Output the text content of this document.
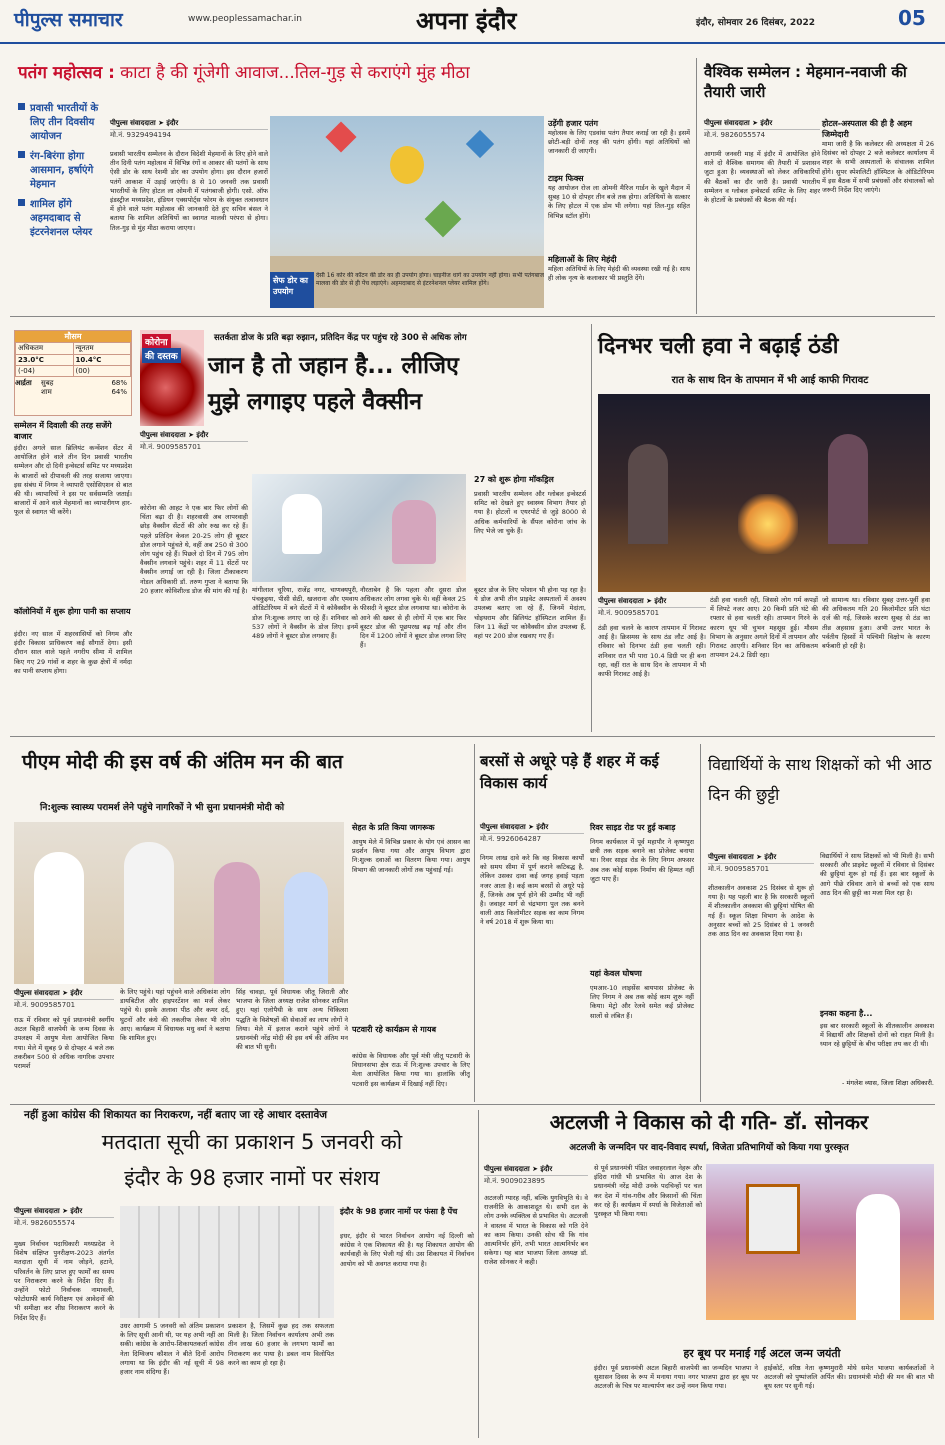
पीपुल्स समाचार	www.peoplessamachar.in	अपना इंदौर	इंदौर, सोमवार 26 दिसंबर, 2022	05
पतंग महोत्सव : काटा है की गूंजेगी आवाज...तिल-गुड़ से कराएंगे मुंह मीठा
प्रवासी भारतीयों के लिए तीन दिवसीय आयोजन
रंग-बिरंगा होगा आसमान, हर्षाएंगे मेहमान
शामिल होंगे अहमदाबाद से इंटरनेशनल प्लेयर
पीपुल्स संवाददाता ➤ इंदौर
मो.नं. 9329494194
प्रवासी भारतीय सम्मेलन के दौरान विदेशी मेहमानों के लिए होने वाले तीन दिनी पतंग महोत्सव में विभिन्न रंगों व आकार की पतंगों के साथ ऐसी डोर के साथ रेशमी डोर का उपयोग होगा। इस दौरान हजारों पतंगें आकाश में उड़ाई जाएंगी। 8 से 10 जनवरी तक प्रवासी भारतीयों के लिए होटल ला ओमनी में पतंगबाजी होगी। एसो. ऑफ इंडस्ट्रीज मध्यप्रदेश, इंडियन एक्सपोर्ट्स फोरम के संयुक्त तत्वावधान में होने वाले पतंग महोत्सव की जानकारी देते हुए सचिन बंसल ने बताया कि शामिल अतिथियों का स्वागत मालवी परंपरा से होगा। तिल-गुड़ से मुंह मीठा कराया जाएगा।
सेफ डोर का उपयोग
देसी 16 कोर की कॉटन की डोर का ही उपयोग होगा। चाइनीज धागे का उपयोग नहीं होगा। सभी पतंगबाज मालवा की डोर से ही पेंच लड़ाएंगे। अहमदाबाद से इंटरनेशनल प्लेयर शामिल होंगे।
उड़ेंगी हजार पतंग
महोत्सव के लिए एडवांस पतंग तैयार कराई जा रही है। इसमें छोटी-बड़ी दोनों तरह की पतंग होंगी। यहां अतिथियों को जानकारी दी जाएगी।
टाइम फिक्स
यह आयोजन रोज ला ओमनी मैरिज गार्डन के खुले मैदान में सुबह 10 से दोपहर तीन बजे तक होगा। अतिथियों के सत्कार के लिए होटल में एक डोम भी लगेगा। यहां तिल-गुड़ सहित विभिन्न स्टॉल होंगे।
महिलाओं के लिए मेहंदी
महिला अतिथियों के लिए मेहंदी की व्यवस्था रखी गई है। साथ ही लोक नृत्य के कलाकार भी प्रस्तुति देंगे।
वैश्विक सम्मेलन : मेहमान-नवाजी की तैयारी जारी
पीपुल्स संवाददाता ➤ इंदौर
मो.नं. 9826055574
आगामी जनवरी माह में इंदौर में आयोजित होने वाले दो वैश्विक समागम की तैयारी में प्रशासन जुटा हुआ है। व्यवस्थाओं को लेकर अधिकारियों की बैठकों का दौर जारी है। प्रवासी भारतीय सम्मेलन व ग्लोबल इन्वेस्टर्स समिट के लिए शहर के होटलों के प्रबंधकों की बैठक की गई।
होटल-अस्पताल की ही है अहम जिम्मेदारी
मामा जारी है कि कलेक्टर की अध्यक्षता में 26 दिसंबर को दोपहर 2 बजे कलेक्टर कार्यालय में शहर के सभी अस्पतालों के संचालक शामिल होंगे। सुपर स्पेशलिटी हॉस्पिटल के ऑडिटोरियम में इस बैठक में सभी प्रबंधकों और संचालकों को जरूरी निर्देश दिए जाएंगे।
मौसम
अधिकतम	न्यूनतम
23.0°C	10.4°C
(-04)	(00)
आर्द्रता	सुबह	68%
शाम	64%
सम्मेलन में दिवाली की तरह सजेंगे बाजार
इंदौर। अगले साल ब्रिलियंट कन्वेंशन सेंटर में आयोजित होने वाले तीन दिन प्रवासी भारतीय सम्मेलन और दो दिनी इन्वेस्टर्स समिट पर मध्यप्रदेश के बाजारों को दीपावली की तरह सजाया जाएगा। इस संबंध में निगम ने व्यापारी एसोसिएशन से बात की थी। व्यापारियों ने इस पर सर्वसम्मति जताई। बाजारों में आने वाले मेहमानों का व्यापारीगण हार-फूल से स्वागत भी करेंगे।
कॉलोनियों में शुरू होगा पानी का सप्लाय
इंदौर। नए साल में शहरवासियों को निगम और इंदौर विकास प्राधिकरण कई सौगातें देगा। इसी दौरान साल वाले पहले नगरीय सीमा में शामिल किए गए 29 गांवों व शहर के कुछ क्षेत्रों में नर्मदा का पानी सप्लाय होगा।
कोरोना
की दस्तक
सतर्कता डोज के प्रति बढ़ा रुझान, प्रतिदिन केंद्र पर पहुंच रहे 300 से अधिक लोग
जान है तो जहान है... लीजिए
मुझे लगाइए पहले वैक्सीन
पीपुल्स संवाददाता ➤ इंदौर
मो.नं. 9009585701
कोरोना की आहट ने एक बार फिर लोगों की चिंता बढ़ा दी है। शहरवासी अब लापरवाही छोड़ वैक्सीन सेंटरों की ओर रुख कर रहे हैं। पहले प्रतिदिन केवल 20-25 लोग ही बूस्टर डोज लगाने पहुंचते थे, वहीं अब 250 से 300 लोग पहुंच रहे हैं। पिछले दो दिन में 795 लोग वैक्सीन लगवाने पहुंचे। शहर में 11 सेंटरों पर वैक्सीन लगाई जा रही है। जिला टीकाकरण नोडल अधिकारी डॉ. तरुण गुप्ता ने बताया कि 20 हजार कोविशील्ड डोज की मांग की गई है। मांगीलाल चूरिया, राजेंद्र नगर, चाणक्यपुरी, पंचकुइया, पीसी सेठी, खजराना और एमवाय ऑडिटोरियम में बने सेंटरों में ये कोवैक्सीन के डोज नि:शुल्क लगाए जा रहे हैं। शनिवार को 537 लोगों ने वैक्सीन के डोज लिए। इनमें 489 लोगों ने बूस्टर डोज लगवाए हैं।
नौरताबेन है कि पहला और दूसरा डोज अधिकतर लोग लगवा चुके थे। वहीं केवल 25 फीसदी ने बूस्टर डोज लगवाया था। कोरोना के आने की खबर से ही लोगों में एक बार फिर बूस्टर डोज की पूछपरख बढ़ गई और तीन दिन में 1200 लोगों ने बूस्टर डोज लगवा लिए हैं।
27 को शुरू होगा मॉकड्रिल
प्रवासी भारतीय सम्मेलन और ग्लोबल इन्वेस्टर्स समिट को देखते हुए स्वास्थ्य विभाग तैयार हो गया है। होटलों व एयरपोर्ट से जुड़े 8000 से अधिक कर्मचारियों के सैंपल कोरोना जांच के लिए भेजे जा चुके हैं।
बूस्टर डोज के लिए परेशान भी होना पड़ रहा है। ये डोज अभी तीन प्राइवेट अस्पतालों में अवश्य उपलब्ध बताए जा रहे हैं, जिनमें मेदांता, चोइथराम और ब्रिलियंट हॉस्पिटल शामिल हैं। जिन 11 केंद्रों पर कोवैक्सीन डोज उपलब्ध हैं, वहां पर 200 डोज रखवाए गए हैं।
दिनभर चली हवा ने बढ़ाई ठंडी
रात के साथ दिन के तापमान में भी आई काफी गिरावट
पीपुल्स संवाददाता ➤ इंदौर
मो.नं. 9009585701
ठंडी हवा चलने के कारण तापमान में गिरावट आई है। क्रिसमस के साथ ठंड लौट आई है। रविवार को दिनभर ठंडी हवा चलती रही। शनिवार रात भी पारा 10.4 डिग्री पर ही बना रहा, वहीं रात के साथ दिन के तापमान में भी काफी गिरावट आई है।
ठंडी हवा चलती रही, जिससे लोग गर्म कपड़ों में लिपटे नजर आए। 20 किमी प्रति घंटे की रफ्तार से हवा चलती रही। तापमान गिरने के कारण धूप भी चुभन महसूस हुई। मौसम विभाग के अनुसार अगले दिनों में तापमान और गिरावट आएगी। शनिवार दिन का अधिकतम तापमान 24.2 डिग्री रहा।
जो सामान्य था। रविवार सुबह उत्तर-पूर्वी हवा की अधिकतम गति 20 किलोमीटर प्रति घंटा दर्ज की गई, जिसके कारण सुबह से ठंड का तीव्र अहसास हुआ। अभी उत्तर भारत के पर्वतीय हिस्सों में पश्चिमी विक्षोभ के कारण बर्फबारी हो रही है।
पीएम मोदी की इस वर्ष की अंतिम मन की बात
नि:शुल्क स्वास्थ्य परामर्श लेने पहुंचे नागरिकों ने भी सुना प्रधानमंत्री मोदी को
पीपुल्स संवाददाता ➤ इंदौर
मो.नं. 9009585701
राऊ में रविवार को पूर्व प्रधानमंत्री स्वर्गीय अटल बिहारी वाजपेयी के जन्म दिवस के उपलक्ष्य में आयुष मेला आयोजित किया गया। मेले में सुबह 9 से दोपहर 4 बजे तक तकरीबन 500 से अधिक नागरिक उपचार परामर्श
के लिए पहुंचे। यहां पहुंचने वाले अधिकांश लोग डायबिटीज और हाइपरटेंशन का मर्ज लेकर पहुंचे थे। इसके अलावा पीठ और कमर दर्द, घुटनों और कंधे की तकलीफ लेकर भी लोग आए। कार्यक्रम में विधायक मधु वर्मा ने बताया कि शामिल हुए।
सिंह चावड़ा, पूर्व विधायक जीतू जिराती और भाजपा के जिला अध्यक्ष राजेश सोनकर शामिल हुए। यहां एलोपैथी के साथ अन्य चिकित्सा पद्धति के विशेषज्ञों की सेवाओं का लाभ लोगों ने लिया। मेले में इलाज कराने पहुंचे लोगों ने प्रधानमंत्री नरेंद्र मोदी की इस वर्ष की अंतिम मन की बात भी सुनी।
सेहत के प्रति किया जागरूक
आयुष मेले में विभिन्न प्रकार के योग एवं आसन का प्रदर्शन किया गया और आयुष विभाग द्वारा नि:शुल्क दवाओं का वितरण किया गया। आयुष विभाग की जानकारी लोगों तक पहुंचाई गई।
पटवारी रहे कार्यक्रम से गायब
कांग्रेस के विधायक और पूर्व मंत्री जीतू पटवारी के विधानसभा क्षेत्र राऊ में नि:शुल्क उपचार के लिए मेला आयोजित किया गया था। हालांकि जीतू पटवारी इस कार्यक्रम में दिखाई नहीं दिए।
बरसों से अधूरे पड़े हैं शहर में कई विकास कार्य
पीपुल्स संवाददाता ➤ इंदौर
मो.नं. 9926064287
निगम लाख दावे करे कि वह विकास कार्यों को समय सीमा में पूर्ण कराने कटिबद्ध है, लेकिन उसका दावा कई जगह हवाई पड़ता नजर आता है। कई काम बरसों से अधूरे पड़े हैं, जिनके अब पूर्ण होने की उम्मीद भी नहीं है। जवाहर मार्ग से चंद्रभागा पुल तक बनने वाली आठ किलोमीटर सड़क का काम निगम ने वर्ष 2018 में शुरू किया था।
रिवर साइड रोड पर हुई कबाड़
निगम कार्यकाल में पूर्व महापौर ने कृष्णपुरा छत्री तक सड़क बनाने का प्रोजेक्ट बनाया था। रिवर साइड रोड के लिए निगम अफसर अब तक कोई सड़क निर्माण की हिम्मत नहीं जुटा पाए हैं।
यहां केवल घोषणा
एमआर-10 लाइसेंस बायपास प्रोजेक्ट के लिए निगम ने अब तक कोई काम शुरू नहीं किया। मेट्रो और रेलवे समेत कई प्रोजेक्ट सालों से लंबित हैं।
विद्यार्थियों के साथ शिक्षकों को भी आठ दिन की छुट्टी
पीपुल्स संवाददाता ➤ इंदौर
मो.नं. 9009585701
शीतकालीन अवकाश 25 दिसंबर से शुरू हो गया है। यह पहली बार है कि सरकारी स्कूलों में शीतकालीन अवकाश की छुट्टियां घोषित की गई हैं। स्कूल शिक्षा विभाग के आदेश के अनुसार बच्चों को 25 दिसंबर से 1 जनवरी तक आठ दिन का अवकाश दिया गया है।
विद्यार्थियों ने साथ शिक्षकों को भी मिली है। सभी सरकारी और प्राइवेट स्कूलों में रविवार से दिसंबर की छुट्टियां शुरू हो गई हैं। इस बार स्कूलों के आगे पीछे रविवार आने से बच्चों को एक साथ आठ दिन की छुट्टी का मजा मिल रहा है।
इनका कहना है...
इस बार सरकारी स्कूलों के शीतकालीन अवकाश में विद्यार्थी और शिक्षकों दोनों को राहत मिली है। ध्यान रहे छुट्टियों के बीच परीक्षा तय कर दी थी।
- मंगलेश व्यास, जिला शिक्षा अधिकारी.
नहीं हुआ कांग्रेस की शिकायत का निराकरण, नहीं बताए जा रहे आधार दस्तावेज
मतदाता सूची का प्रकाशन 5 जनवरी को
इंदौर के 98 हजार नामों पर संशय
पीपुल्स संवाददाता ➤ इंदौर
मो.नं. 9826055574
मुख्य निर्वाचन पदाधिकारी मध्यप्रदेश ने विशेष संक्षिप्त पुनरीक्षण-2023 अंतर्गत मतदाता सूची में नाम जोड़ने, हटाने, परिवर्तन के लिए प्राप्त हुए फार्मों का समय पर निराकरण करने के निर्देश दिए हैं। उन्होंने फोटो निर्वाचक नामावली, फोटोग्राफी कार्य निरीक्षण एवं आवेदनों की भी समीक्षा कर शीघ्र निराकरण करने के निर्देश दिए हैं।
उधर आगामी 5 जनवरी को अंतिम प्रकाशन के लिए सूची आनी थी, पर यह अभी नहीं आ सकी। कांग्रेस के आरोप-शिकायतकर्ता कांग्रेस नेता दिग्विजय कौशल ने बीते दिनों आरोप लगाया था कि इंदौर की नई सूची में 98 हजार नाम संदिग्ध हैं।
प्रकाशन है, जिसमें कुछ हद तक सफलता मिली है। जिला निर्वाचन कार्यालय अभी तक तीन लाख 60 हजार के लगभग फार्मों का निराकरण कर पाया है। डबल नाम विलोपित करने का काम हो रहा है।
इंदौर के 98 हजार नामों पर फंसा है पेंच
इधर, इंदौर से भारत निर्वाचन आयोग नई दिल्ली को कांग्रेस ने एक शिकायत की है। यह शिकायत आयोग की कार्यवाही के लिए भेजी गई थी। उस शिकायत में निर्वाचन आयोग को भी अवगत कराया गया है।
अटलजी ने विकास को दी गति- डॉ. सोनकर
अटलजी के जन्मदिन पर वाद-विवाद स्पर्धा, विजेता प्रतिभागियों को किया गया पुरस्कृत
पीपुल्स संवाददाता ➤ इंदौर
मो.नं. 9009023895
अटलजी ग्यारह नहीं, बल्कि युगविभूति थे। वे राजनीति के आकाशदूत थे। सभी दल के लोग उनके व्यक्तित्व से प्रभावित थे। अटलजी ने वास्तव में भारत के विकास को गति देने का काम किया। उनकी सोच थी कि गांव आत्मनिर्भर होंगे, तभी भारत आत्मनिर्भर बन सकेगा। यह बात भाजपा जिला अध्यक्ष डॉ. राजेश सोनकर ने कही।
से पूर्व प्रधानमंत्री पंडित जवाहरलाल नेहरू और इंदिरा गांधी भी प्रभावित थे। आज देश के प्रधानमंत्री नरेंद्र मोदी उनके पदचिन्हों पर चल कर देश में गांव-गरीब और किसानों की चिंता कर रहे हैं। कार्यक्रम में स्पर्धा के विजेताओं को पुरस्कृत भी किया गया।
हर बूथ पर मनाई गई अटल जन्म जयंती
इंदौर। पूर्व प्रधानमंत्री अटल बिहारी वाजपेयी का जन्मदिन भाजपा ने सुशासन दिवस के रूप में मनाया गया। नगर भाजपा द्वारा हर बूथ पर अटलजी के चित्र पर माल्यार्पण कर उन्हें नमन किया गया।
हाईकोर्ट, वरिष्ठ नेता कृष्णमुरारी मोघे समेत भाजपा कार्यकर्ताओं ने अटलजी को पुष्पांजलि अर्पित की। प्रधानमंत्री मोदी की मन की बात भी बूथ स्तर पर सुनी गई।
